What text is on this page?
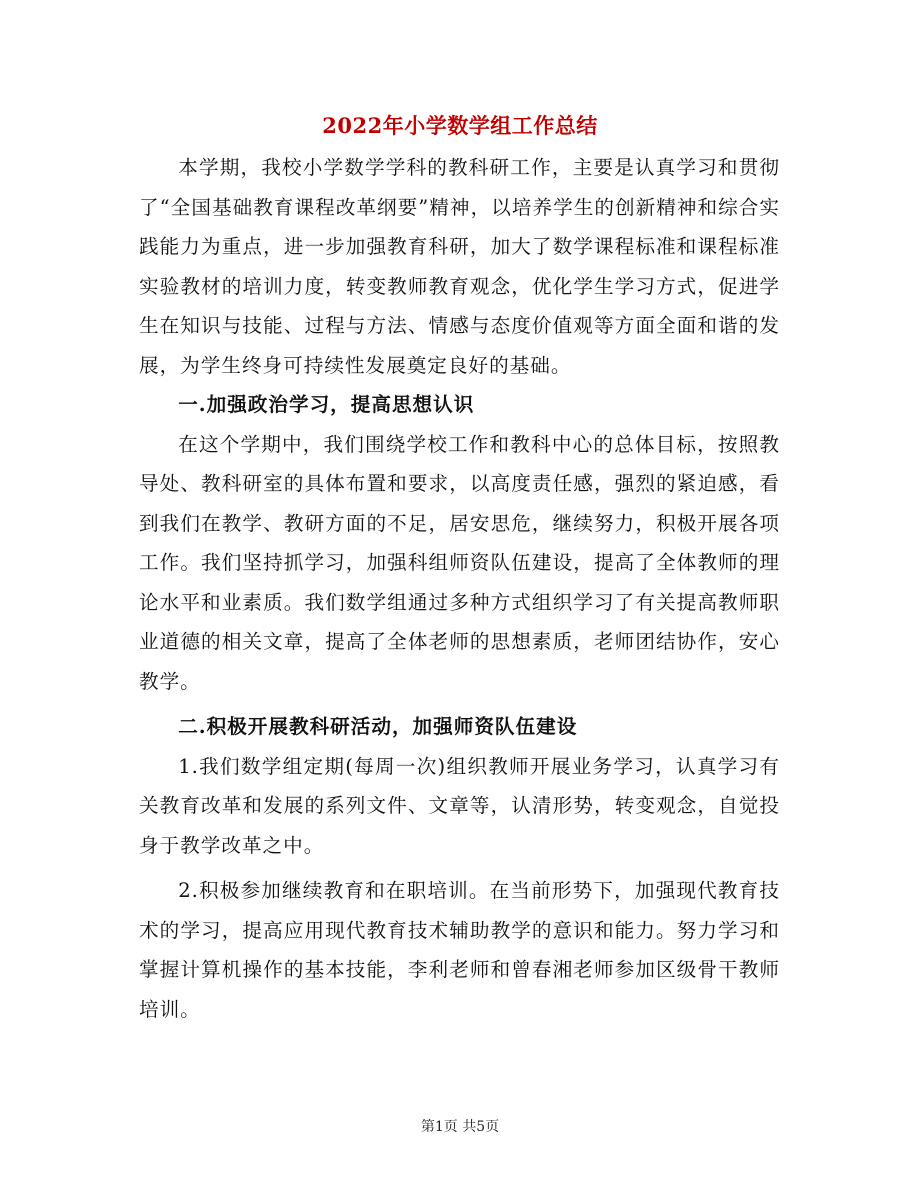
2022年小学数学组工作总结

本学期，我校小学数学学科的教科研工作，主要是认真学习和贯彻了“全国基础教育课程改革纲要”精神，以培养学生的创新精神和综合实践能力为重点，进一步加强教育科研，加大了数学课程标准和课程标准实验教材的培训力度，转变教师教育观念，优化学生学习方式，促进学生在知识与技能、过程与方法、情感与态度价值观等方面全面和谐的发展，为学生终身可持续性发展奠定良好的基础。

一.加强政治学习，提高思想认识

在这个学期中，我们围绕学校工作和教科中心的总体目标，按照教导处、教科研室的具体布置和要求，以高度责任感，强烈的紧迫感，看到我们在教学、教研方面的不足，居安思危，继续努力，积极开展各项工作。我们坚持抓学习，加强科组师资队伍建设，提高了全体教师的理论水平和业素质。我们数学组通过多种方式组织学习了有关提高教师职业道德的相关文章，提高了全体老师的思想素质，老师团结协作，安心教学。

二.积极开展教科研活动，加强师资队伍建设

1.我们数学组定期(每周一次)组织教师开展业务学习，认真学习有关教育改革和发展的系列文件、文章等，认清形势，转变观念，自觉投身于教学改革之中。

2.积极参加继续教育和在职培训。在当前形势下，加强现代教育技术的学习，提高应用现代教育技术辅助教学的意识和能力。努力学习和掌握计算机操作的基本技能，李利老师和曾春湘老师参加区级骨干教师培训。

第1页 共5页
